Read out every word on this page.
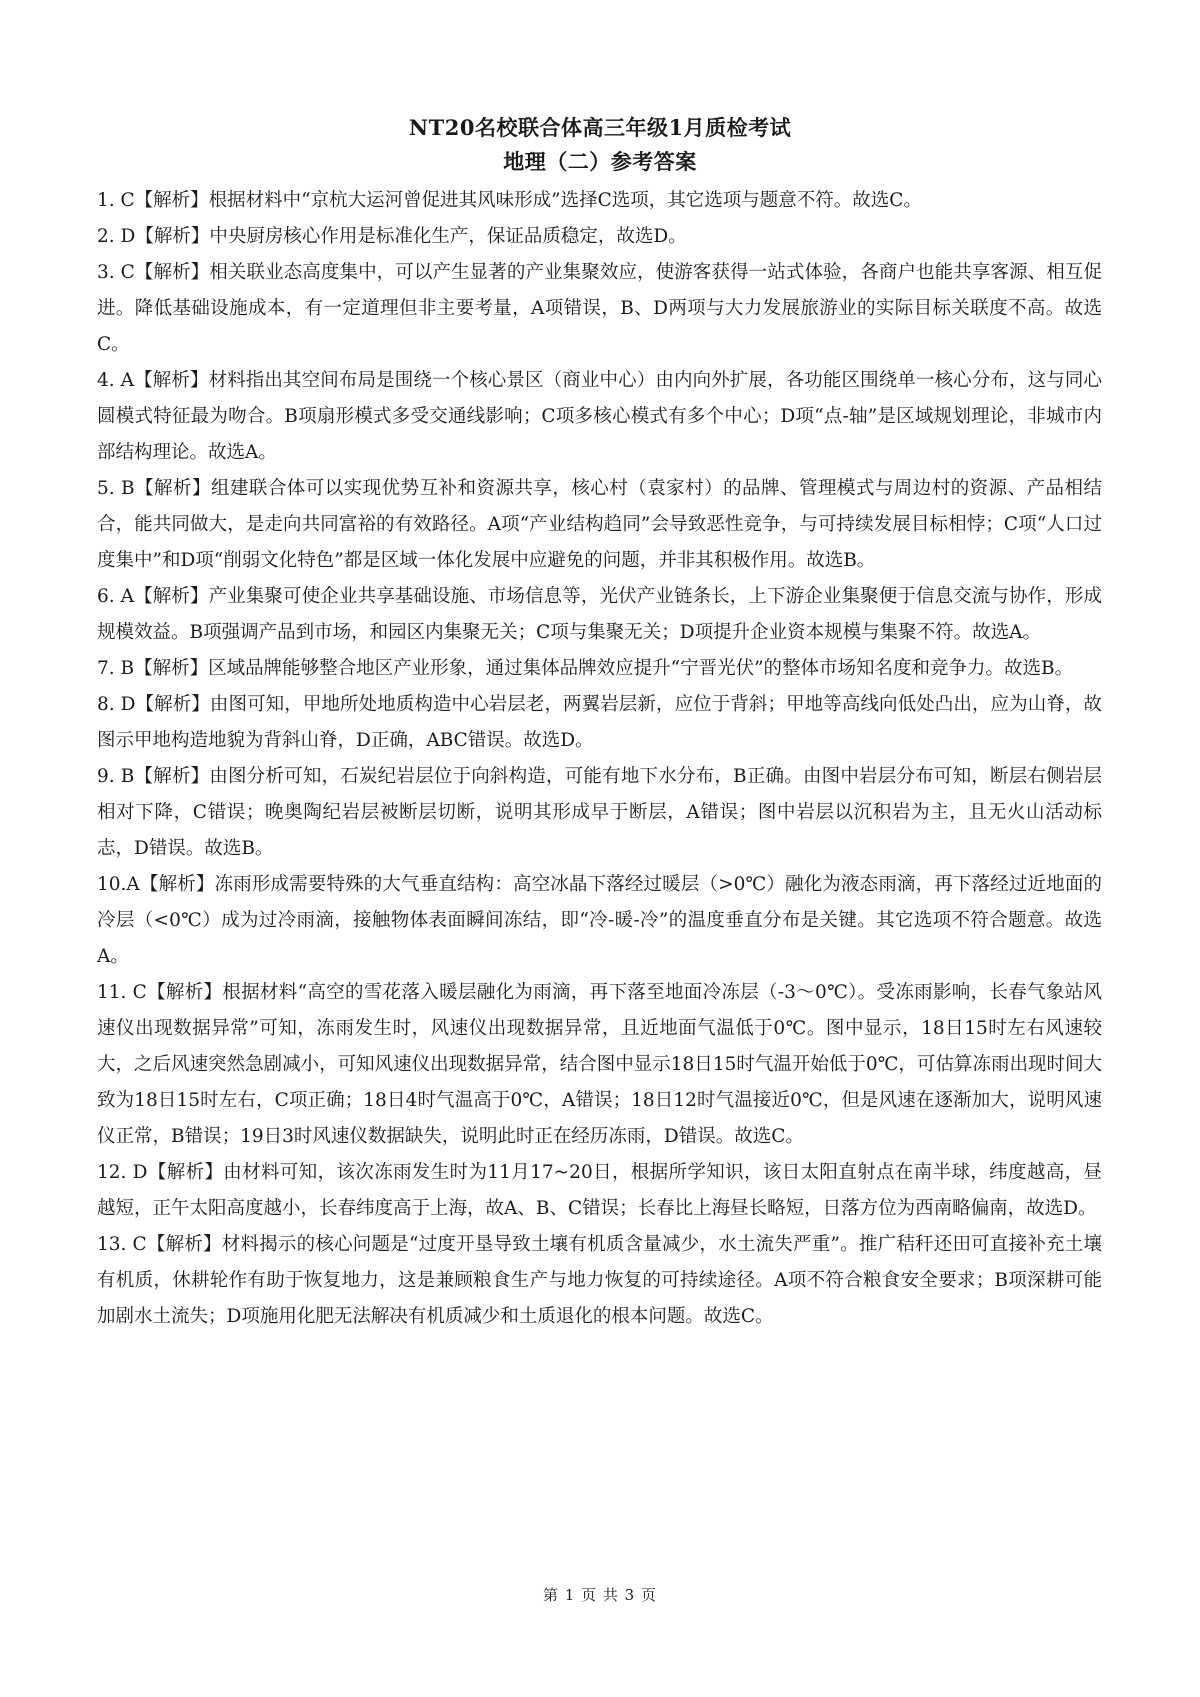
NT20名校联合体高三年级1月质检考试
地理（二）参考答案

1. C【解析】根据材料中“京杭大运河曾促进其风味形成”选择C选项，其它选项与题意不符。故选C。

2. D【解析】中央厨房核心作用是标准化生产，保证品质稳定，故选D。

3. C【解析】相关联业态高度集中，可以产生显著的产业集聚效应，使游客获得一站式体验，各商户也能共享客源、相互促进。降低基础设施成本，有一定道理但非主要考量，A项错误，B、D两项与大力发展旅游业的实际目标关联度不高。故选C。

4. A【解析】材料指出其空间布局是围绕一个核心景区（商业中心）由内向外扩展，各功能区围绕单一核心分布，这与同心圆模式特征最为吻合。B项扇形模式多受交通线影响；C项多核心模式有多个中心；D项“点-轴”是区域规划理论，非城市内部结构理论。故选A。

5. B【解析】组建联合体可以实现优势互补和资源共享，核心村（袁家村）的品牌、管理模式与周边村的资源、产品相结合，能共同做大，是走向共同富裕的有效路径。A项“产业结构趋同”会导致恶性竞争，与可持续发展目标相悖；C项“人口过度集中”和D项“削弱文化特色”都是区域一体化发展中应避免的问题，并非其积极作用。故选B。

6. A【解析】产业集聚可使企业共享基础设施、市场信息等，光伏产业链条长，上下游企业集聚便于信息交流与协作，形成规模效益。B项强调产品到市场，和园区内集聚无关；C项与集聚无关；D项提升企业资本规模与集聚不符。故选A。

7. B【解析】区域品牌能够整合地区产业形象，通过集体品牌效应提升“宁晋光伏”的整体市场知名度和竞争力。故选B。

8. D【解析】由图可知，甲地所处地质构造中心岩层老，两翼岩层新，应位于背斜；甲地等高线向低处凸出，应为山脊，故图示甲地构造地貌为背斜山脊，D正确，ABC错误。故选D。

9. B【解析】由图分析可知，石炭纪岩层位于向斜构造，可能有地下水分布，B正确。由图中岩层分布可知，断层右侧岩层相对下降，C错误；晚奥陶纪岩层被断层切断，说明其形成早于断层，A错误；图中岩层以沉积岩为主，且无火山活动标志，D错误。故选B。

10.A【解析】冻雨形成需要特殊的大气垂直结构：高空冰晶下落经过暖层（>0℃）融化为液态雨滴，再下落经过近地面的冷层（<0℃）成为过冷雨滴，接触物体表面瞬间冻结，即“冷-暖-冷”的温度垂直分布是关键。其它选项不符合题意。故选A。

11. C【解析】根据材料“高空的雪花落入暖层融化为雨滴，再下落至地面冷冻层（-3～0℃）。受冻雨影响，长春气象站风速仪出现数据异常”可知，冻雨发生时，风速仪出现数据异常，且近地面气温低于0℃。图中显示，18日15时左右风速较大，之后风速突然急剧减小，可知风速仪出现数据异常，结合图中显示18日15时气温开始低于0℃，可估算冻雨出现时间大致为18日15时左右，C项正确；18日4时气温高于0℃，A错误；18日12时气温接近0℃，但是风速在逐渐加大，说明风速仪正常，B错误；19日3时风速仪数据缺失，说明此时正在经历冻雨，D错误。故选C。

12. D【解析】由材料可知，该次冻雨发生时为11月17~20日，根据所学知识，该日太阳直射点在南半球，纬度越高，昼越短，正午太阳高度越小，长春纬度高于上海，故A、B、C错误；长春比上海昼长略短，日落方位为西南略偏南，故选D。

13. C【解析】材料揭示的核心问题是“过度开垦导致土壤有机质含量减少，水土流失严重”。推广秸秆还田可直接补充土壤有机质，休耕轮作有助于恢复地力，这是兼顾粮食生产与地力恢复的可持续途径。A项不符合粮食安全要求；B项深耕可能加剧水土流失；D项施用化肥无法解决有机质减少和土质退化的根本问题。故选C。

第 1 页 共 3 页
